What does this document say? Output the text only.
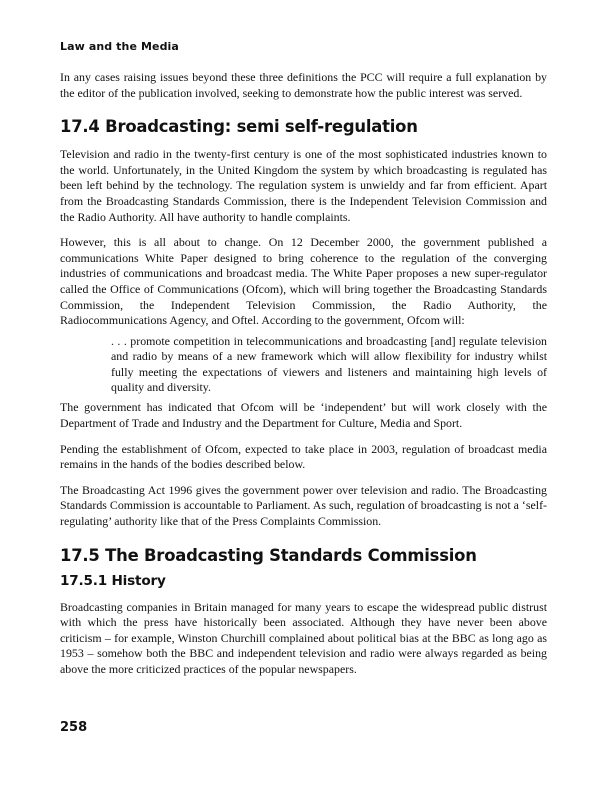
Law and the Media

In any cases raising issues beyond these three definitions the PCC will require a full explanation by the editor of the publication involved, seeking to demonstrate how the public interest was served.

17.4 Broadcasting: semi self-regulation

Television and radio in the twenty-first century is one of the most sophisticated industries known to the world. Unfortunately, in the United Kingdom the system by which broadcasting is regulated has been left behind by the technology. The regulation system is unwieldy and far from efficient. Apart from the Broadcasting Standards Commission, there is the Independent Television Commission and the Radio Authority. All have authority to handle complaints.

However, this is all about to change. On 12 December 2000, the government published a communications White Paper designed to bring coherence to the regulation of the converging industries of communications and broadcast media. The White Paper proposes a new super-regulator called the Office of Communications (Ofcom), which will bring together the Broadcasting Standards Commission, the Independent Television Commission, the Radio Authority, the Radiocommunications Agency, and Oftel. According to the government, Ofcom will:

. . . promote competition in telecommunications and broadcasting [and] regulate television and radio by means of a new framework which will allow flexibility for industry whilst fully meeting the expectations of viewers and listeners and maintaining high levels of quality and diversity.

The government has indicated that Ofcom will be ‘independent’ but will work closely with the Department of Trade and Industry and the Department for Culture, Media and Sport.

Pending the establishment of Ofcom, expected to take place in 2003, regulation of broadcast media remains in the hands of the bodies described below.

The Broadcasting Act 1996 gives the government power over television and radio. The Broadcasting Standards Commission is accountable to Parliament. As such, regulation of broadcasting is not a ‘self-regulating’ authority like that of the Press Complaints Commission.

17.5 The Broadcasting Standards Commission
17.5.1 History

Broadcasting companies in Britain managed for many years to escape the widespread public distrust with which the press have historically been associated. Although they have never been above criticism – for example, Winston Churchill complained about political bias at the BBC as long ago as 1953 – somehow both the BBC and independent television and radio were always regarded as being above the more criticized practices of the popular newspapers.

258
